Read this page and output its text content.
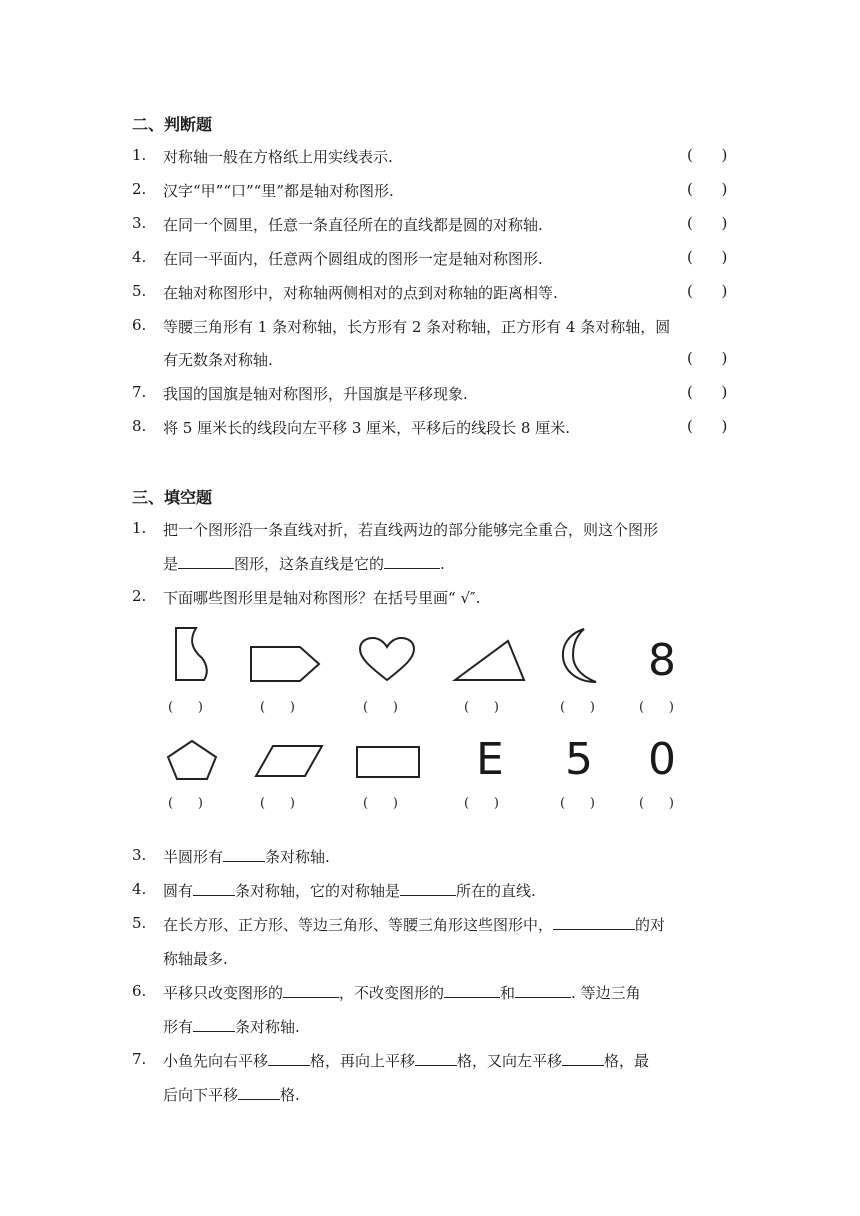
二、判断题
1. 对称轴一般在方格纸上用实线表示.	(      )
2. 汉字“甲”“口”“里”都是轴对称图形.	(      )
3. 在同一个圆里，任意一条直径所在的直线都是圆的对称轴.	(      )
4. 在同一平面内，任意两个圆组成的图形一定是轴对称图形.	(      )
5. 在轴对称图形中，对称轴两侧相对的点到对称轴的距离相等.	(      )
6. 等腰三角形有 1 条对称轴，长方形有 2 条对称轴，正方形有 4 条对称轴，圆
有无数条对称轴.	(      )
7. 我国的国旗是轴对称图形，升国旗是平移现象.	(      )
8. 将 5 厘米长的线段向左平移 3 厘米，平移后的线段长 8 厘米.	(      )
三、填空题
1. 把一个图形沿一条直线对折，若直线两边的部分能够完全重合，则这个图形
是	图形，这条直线是它的	.
2. 下面哪些图形里是轴对称图形？在括号里画“ √″.
8
(      )	(      )	(      )	(      )	(      )	(      )
E 5 0
(      )	(      )	(      )	(      )	(      )	(      )
3. 半圆形有	条对称轴.
4. 圆有	条对称轴，它的对称轴是	所在的直线.
5. 在长方形、正方形、等边三角形、等腰三角形这些图形中，	的对
称轴最多.
6. 平移只改变图形的	，不改变图形的	和	. 等边三角
形有	条对称轴.
7. 小鱼先向右平移	格，再向上平移	格，又向左平移	格，最
后向下平移	格.
